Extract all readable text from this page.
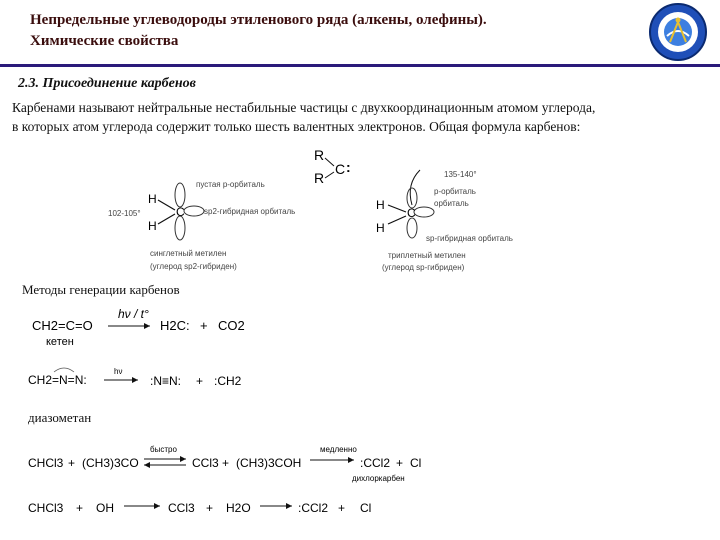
Непредельные углеводороды этиленового ряда (алкены, олефины).
Химические свойства
2.3. Присоединение карбенов
Карбенами называют нейтральные нестабильные частицы с двухкоординационным атомом углерода,
в которых атом углерода содержит только шесть валентных электронов. Общая формула карбенов:
Методы генерации карбенов
диазометан
R
R
C :
H
H
C
пустая p-орбиталь
sp2-гибридная орбиталь
102-105°
синглетный метилен
(углерод sp2-гибриден)
H
H
C
135-140°
p-орбиталь
орбиталь
sp-гибридная орбиталь
триплетный метилен
(углерод sp-гибриден)
CH2=C=O
кетен
hν / t°
H2C: + CO2
CH2=N=N:
hν
:N≡N: + :CH2
CHCl3 + (CH3)3CO
быстро
CCl3 + (CH3)3COH
медленно
:CCl2 + Cl
дихлоркарбен
CHCl3 + OH	CCl3 + H2O	:CCl2 + Cl
